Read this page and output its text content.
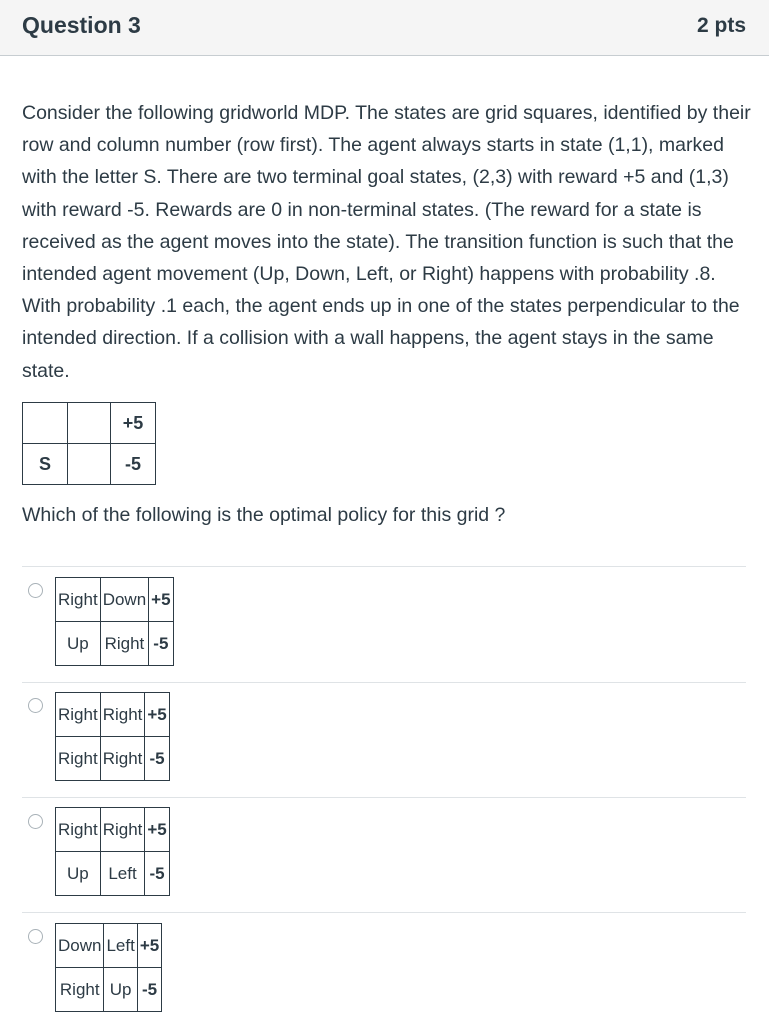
Question 3	2 pts

Consider the following gridworld MDP. The states are grid squares, identified by their row and column number (row first). The agent always starts in state (1,1), marked with the letter S. There are two terminal goal states, (2,3) with reward +5 and (1,3) with reward -5. Rewards are 0 in non-terminal states. (The reward for a state is received as the agent moves into the state). The transition function is such that the intended agent movement (Up, Down, Left, or Right) happens with probability .8. With probability .1 each, the agent ends up in one of the states perpendicular to the intended direction. If a collision with a wall happens, the agent stays in the same state.

		+5
S		-5

Which of the following is the optimal policy for this grid ?

Right	Down	+5
Up	Right	-5
Right	Right	+5
Right	Right	-5
Right	Right	+5
Up	Left	-5
Down	Left	+5
Right	Up	-5
